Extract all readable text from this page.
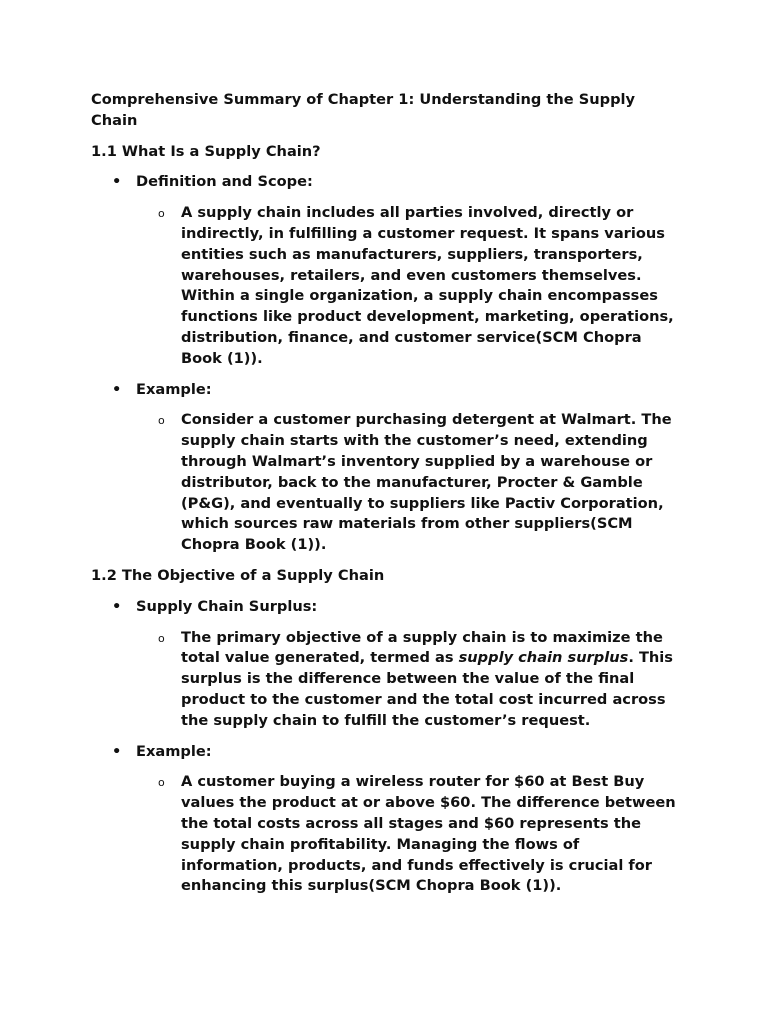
Comprehensive Summary of Chapter 1: Understanding the Supply Chain
1.1 What Is a Supply Chain?
• Definition and Scope:
o A supply chain includes all parties involved, directly or indirectly, in fulfilling a customer request. It spans various entities such as manufacturers, suppliers, transporters, warehouses, retailers, and even customers themselves. Within a single organization, a supply chain encompasses functions like product development, marketing, operations, distribution, finance, and customer service(SCM Chopra Book (1)).
• Example:
o Consider a customer purchasing detergent at Walmart. The supply chain starts with the customer’s need, extending through Walmart’s inventory supplied by a warehouse or distributor, back to the manufacturer, Procter & Gamble (P&G), and eventually to suppliers like Pactiv Corporation, which sources raw materials from other suppliers(SCM Chopra Book (1)).
1.2 The Objective of a Supply Chain
• Supply Chain Surplus:
o The primary objective of a supply chain is to maximize the total value generated, termed as supply chain surplus. This surplus is the difference between the value of the final product to the customer and the total cost incurred across the supply chain to fulfill the customer’s request.
• Example:
o A customer buying a wireless router for $60 at Best Buy values the product at or above $60. The difference between the total costs across all stages and $60 represents the supply chain profitability. Managing the flows of information, products, and funds effectively is crucial for enhancing this surplus(SCM Chopra Book (1)).
